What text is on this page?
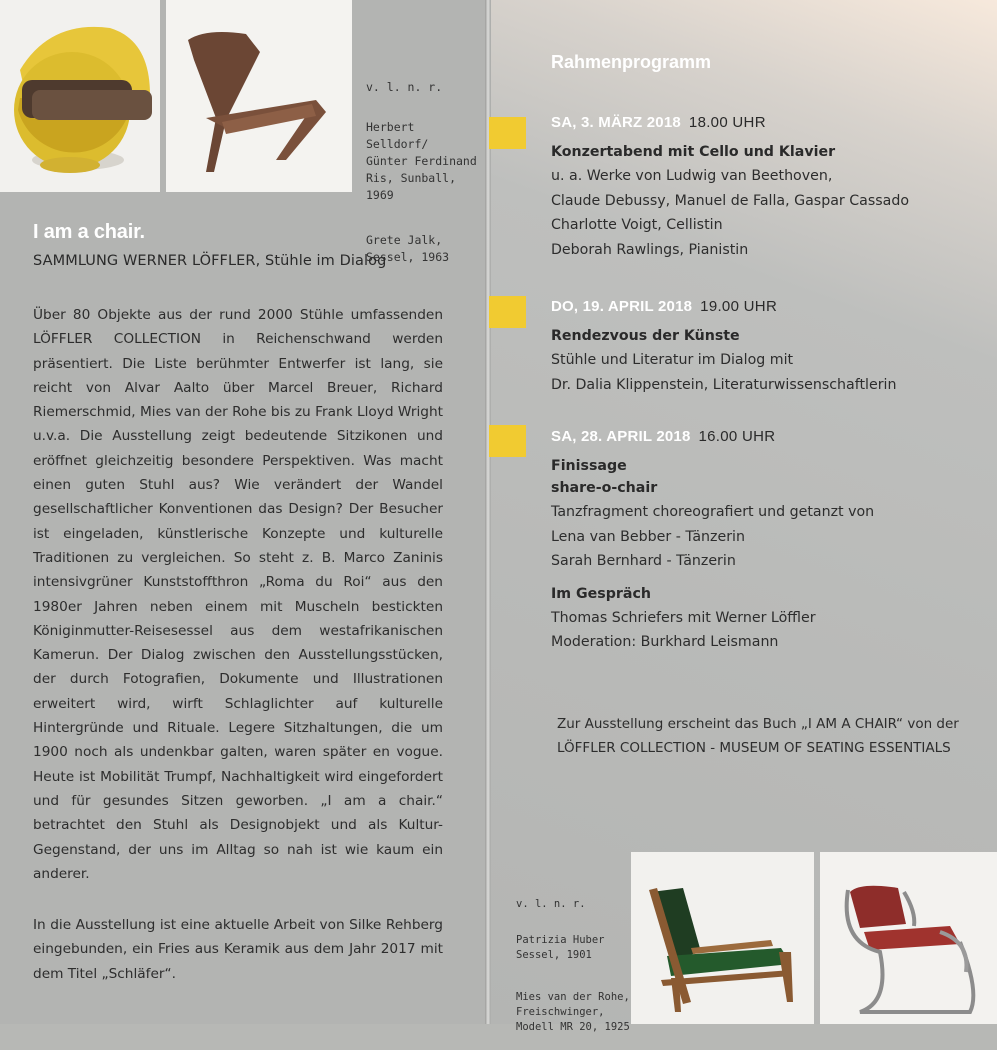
v. l. n. r.

Herbert Selldorf/
Günter Ferdinand
Ris, Sunball, 1969

Grete Jalk,
Sessel, 1963

I am a chair.
SAMMLUNG WERNER LÖFFLER, Stühle im Dialog
Über 80 Objekte aus der rund 2000 Stühle umfassenden LÖFFLER COLLECTION in Reichenschwand werden präsentiert. Die Liste berühmter Entwerfer ist lang, sie reicht von Alvar Aalto über Marcel Breuer, Richard Riemerschmid, Mies van der Rohe bis zu Frank Lloyd Wright u.v.a. Die Ausstellung zeigt bedeutende Sitzikonen und eröffnet gleichzeitig besondere Perspektiven. Was macht einen guten Stuhl aus? Wie verändert der Wandel gesellschaftlicher Konventionen das Design? Der Besucher ist eingeladen, künstlerische Konzepte und kulturelle Traditionen zu vergleichen. So steht z. B. Marco Zaninis intensivgrüner Kunststoffthron „Roma du Roi“ aus den 1980er Jahren neben einem mit Muscheln bestickten Königinmutter-Reisesessel aus dem westafrikanischen Kamerun. Der Dialog zwischen den Ausstellungsstücken, der durch Fotografien, Dokumente und Illustrationen erweitert wird, wirft Schlaglichter auf kulturelle Hintergründe und Rituale. Legere Sitzhaltungen, die um 1900 noch als undenkbar galten, waren später en vogue. Heute ist Mobilität Trumpf, Nachhaltigkeit wird eingefordert und für gesundes Sitzen geworben. „I am a chair.“ betrachtet den Stuhl als Designobjekt und als Kultur-Gegenstand, der uns im Alltag so nah ist wie kaum ein anderer.
In die Ausstellung ist eine aktuelle Arbeit von Silke Rehberg eingebunden, ein Fries aus Keramik aus dem Jahr 2017 mit dem Titel „Schläfer“.
Rahmenprogramm
SA, 3. MÄRZ 2018 18.00 UHR
Konzertabend mit Cello und Klavier
u. a. Werke von Ludwig van Beethoven,
Claude Debussy, Manuel de Falla, Gaspar Cassado
Charlotte Voigt, Cellistin
Deborah Rawlings, Pianistin
DO, 19. APRIL 2018 19.00 UHR
Rendezvous der Künste
Stühle und Literatur im Dialog mit
Dr. Dalia Klippenstein, Literaturwissenschaftlerin
SA, 28. APRIL 2018 16.00 UHR
Finissage
share-o-chair
Tanzfragment choreografiert und getanzt von
Lena van Bebber - Tänzerin
Sarah Bernhard - Tänzerin
Im Gespräch
Thomas Schriefers mit Werner Löffler
Moderation: Burkhard Leismann
Zur Ausstellung erscheint das Buch „I AM A CHAIR“ von der LÖFFLER COLLECTION - MUSEUM OF SEATING ESSENTIALS

v. l. n. r.

Patrizia Huber
Sessel, 1901

Mies van der Rohe,
Freischwinger,
Modell MR 20, 1925
